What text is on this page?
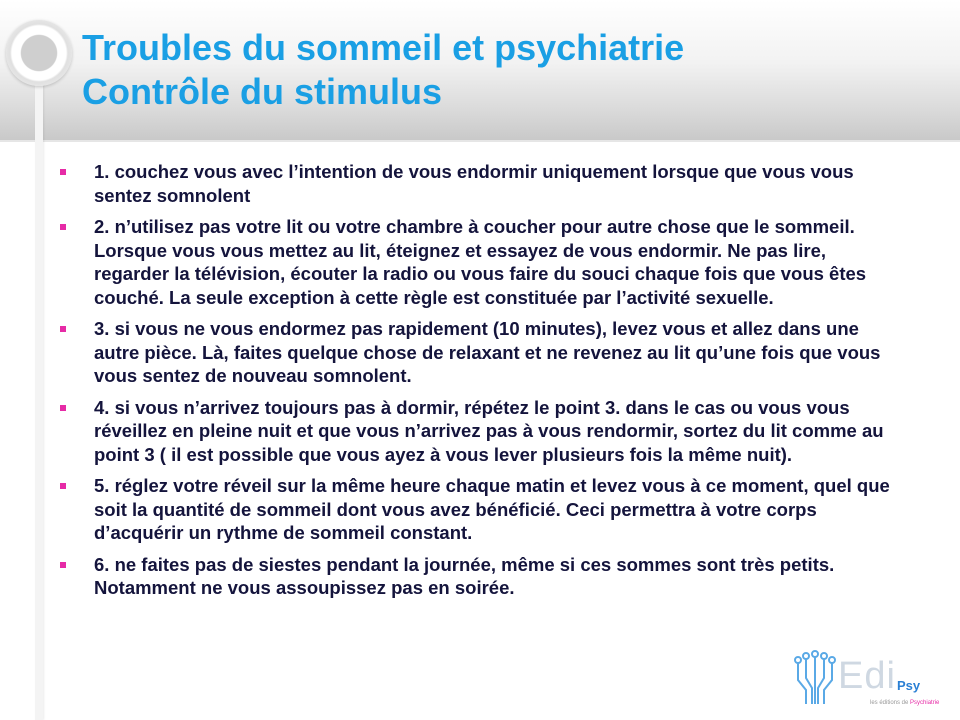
Troubles du sommeil et psychiatrie
Contrôle du stimulus
1. couchez vous avec l’intention de vous endormir uniquement lorsque que vous vous sentez somnolent
2. n’utilisez pas votre lit ou votre chambre à coucher pour autre chose que le sommeil. Lorsque vous vous mettez au lit, éteignez et essayez de vous endormir. Ne pas lire, regarder la télévision, écouter la radio ou vous faire du souci chaque fois que vous êtes couché. La seule exception à cette règle est constituée par l’activité sexuelle.
3. si vous ne vous endormez pas rapidement (10 minutes), levez vous et allez dans une autre pièce. Là, faites quelque chose de relaxant et ne revenez au lit qu’une fois que vous vous sentez de nouveau somnolent.
4. si vous n’arrivez toujours pas à dormir, répétez le point 3. dans le cas ou vous vous réveillez en pleine nuit et que vous n’arrivez pas à vous rendormir, sortez du lit comme au point 3 ( il est possible que vous ayez à vous lever plusieurs fois la même nuit).
5. réglez votre réveil sur la même heure chaque matin et levez vous à ce moment, quel que soit la quantité de sommeil dont vous avez bénéficié. Ceci permettra à votre corps d’acquérir un rythme de sommeil constant.
6. ne faites pas de siestes pendant la journée, même si ces sommes sont très petits. Notamment ne vous assoupissez pas en soirée.
Edi Psy
les éditions de Psychiatrie
